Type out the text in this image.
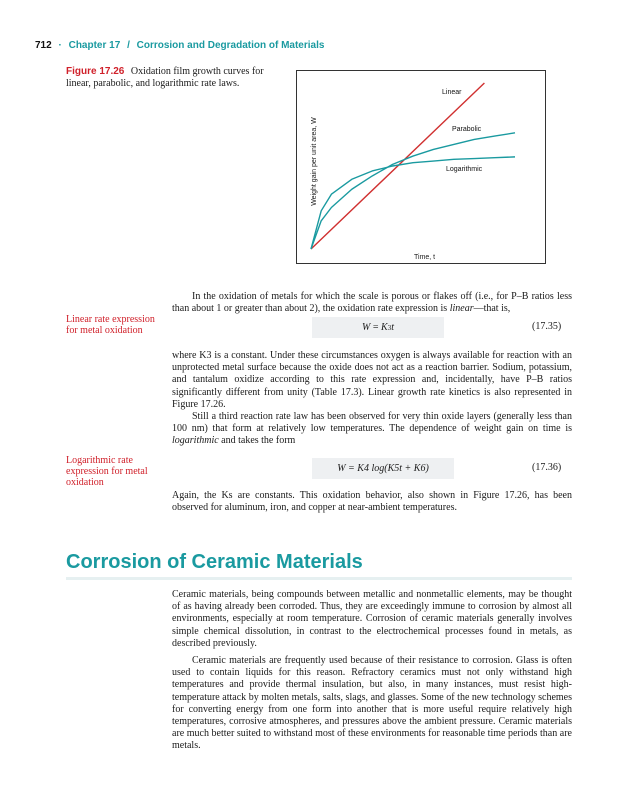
712 · Chapter 17 / Corrosion and Degradation of Materials
Figure 17.26 Oxidation film growth curves for linear, parabolic, and logarithmic rate laws.
Weight gain per unit area, W
Time, t
Linear
Parabolic
Logarithmic
In the oxidation of metals for which the scale is porous or flakes off (i.e., for P–B ratios less than about 1 or greater than about 2), the oxidation rate expression is linear—that is,
Linear rate expression for metal oxidation	W
=
K 3 t	(17.35)
where K3 is a constant. Under these circumstances oxygen is always available for reaction with an unprotected metal surface because the oxide does not act as a reaction barrier. Sodium, potassium, and tantalum oxidize according to this rate expression and, incidentally, have P–B ratios significantly different from unity (Table 17.3). Linear growth rate kinetics is also represented in Figure 17.26.
Still a third reaction rate law has been observed for very thin oxide layers (generally less than 100 nm) that form at relatively low temperatures. The dependence of weight gain on time is logarithmic and takes the form
Logarithmic rate expression for metal oxidation
W = K4 log(K5t + K6)	(17.36)
Again, the Ks are constants. This oxidation behavior, also shown in Figure 17.26, has been observed for aluminum, iron, and copper at near-ambient temperatures.
Corrosion of Ceramic Materials
Ceramic materials, being compounds between metallic and nonmetallic elements, may be thought of as having already been corroded. Thus, they are exceedingly immune to corrosion by almost all environments, especially at room temperature. Corrosion of ceramic materials generally involves simple chemical dissolution, in contrast to the electrochemical processes found in metals, as described previously.
Ceramic materials are frequently used because of their resistance to corrosion. Glass is often used to contain liquids for this reason. Refractory ceramics must not only withstand high temperatures and provide thermal insulation, but also, in many instances, must resist high-temperature attack by molten metals, salts, slags, and glasses. Some of the new technology schemes for converting energy from one form into another that is more useful require relatively high temperatures, corrosive atmospheres, and pressures above the ambient pressure. Ceramic materials are much better suited to withstand most of these environments for reasonable time periods than are metals.
